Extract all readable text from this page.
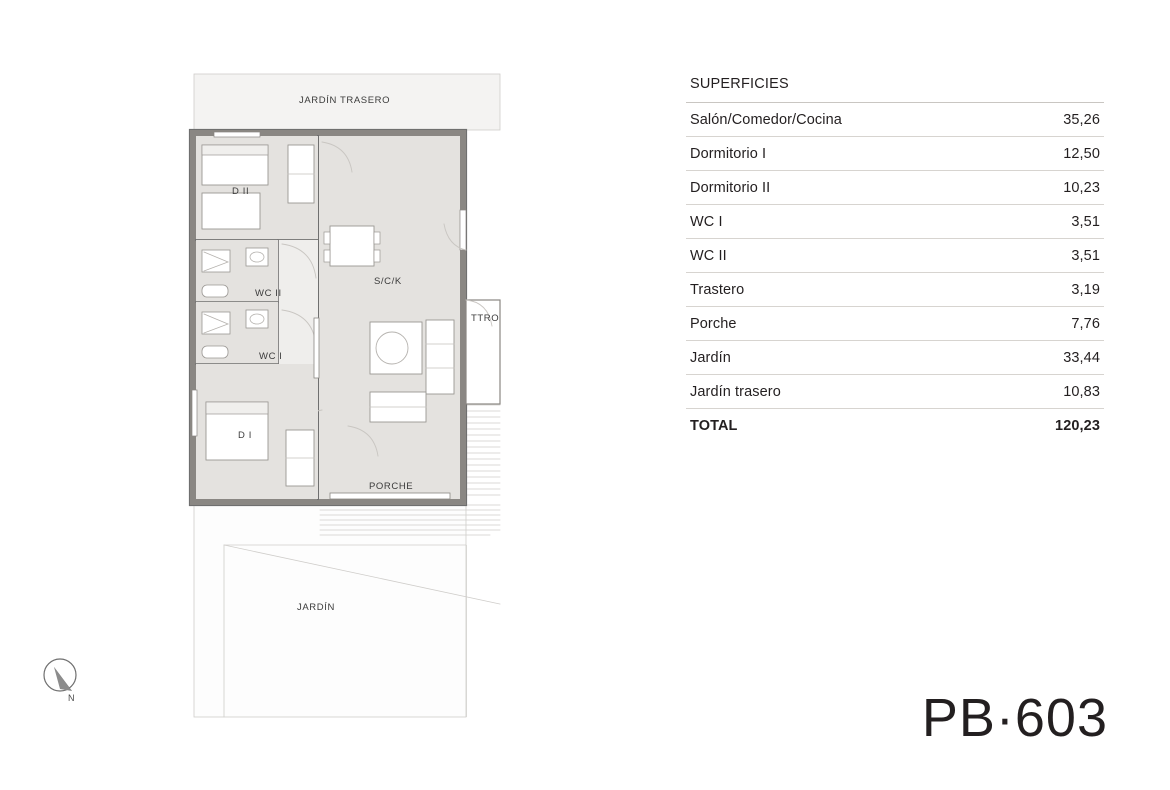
JARDÍN TRASERO
D II
WC II
WC I
S/C/K
TTRO
D I
PORCHE
JARDÍN
N
SUPERFICIES
Salón/Comedor/Cocina	35,26
Dormitorio I	12,50
Dormitorio II	10,23
WC I	3,51
WC II	3,51
Trastero	3,19
Porche	7,76
Jardín	33,44
Jardín trasero	10,83
TOTAL	120,23
PB·603
